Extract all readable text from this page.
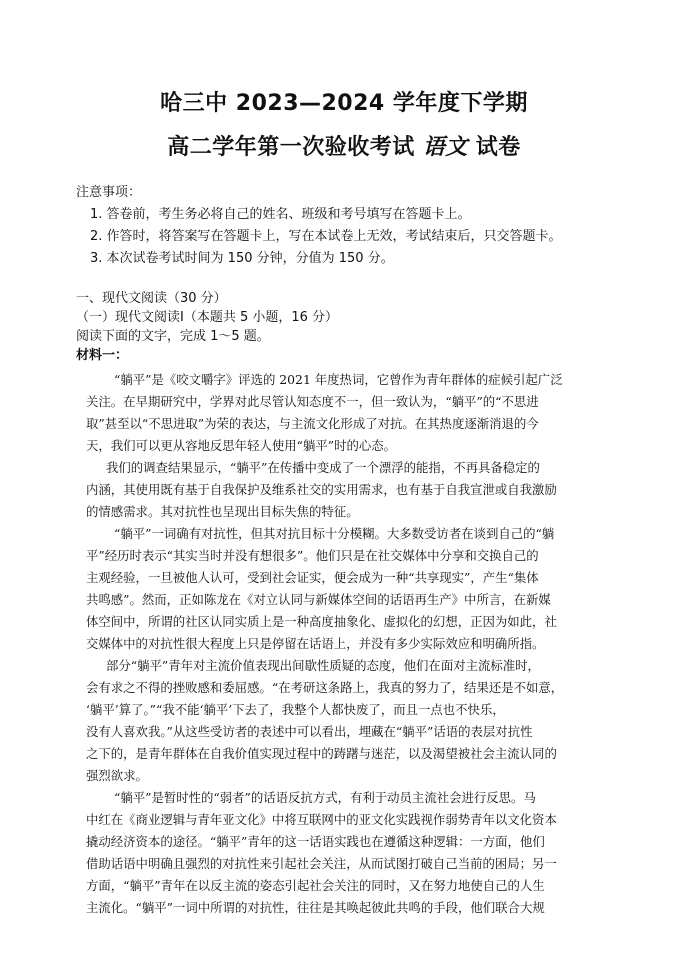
哈三中 2023—2024 学年度下学期
高二学年第一次验收考试 语文 试卷
注意事项：
1. 答卷前，考生务必将自己的姓名、班级和考号填写在答题卡上。
2. 作答时，将答案写在答题卡上，写在本试卷上无效，考试结束后，只交答题卡。
3. 本次试卷考试时间为 150 分钟，分值为 150 分。
一、现代文阅读（30 分）
（一）现代文阅读Ⅰ（本题共 5 小题，16 分）
阅读下面的文字，完成 1～5 题。
材料一：
“躺平”是《咬文嚼字》评选的 2021 年度热词，它曾作为青年群体的症候引起广泛
关注。在早期研究中，学界对此尽管认知态度不一，但一致认为，“躺平”的“不思进
取”甚至以“不思进取”为荣的表达，与主流文化形成了对抗。在其热度逐渐消退的今
天，我们可以更从容地反思年轻人使用“躺平”时的心态。
我们的调查结果显示，“躺平”在传播中变成了一个漂浮的能指，不再具备稳定的
内涵，其使用既有基于自我保护及维系社交的实用需求，也有基于自我宣泄或自我激励
的情感需求。其对抗性也呈现出目标失焦的特征。
“躺平”一词确有对抗性，但其对抗目标十分模糊。大多数受访者在谈到自己的“躺
平”经历时表示“其实当时并没有想很多”。他们只是在社交媒体中分享和交换自己的
主观经验，一旦被他人认可，受到社会证实，便会成为一种“共享现实”，产生“集体
共鸣感”。然而，正如陈龙在《对立认同与新媒体空间的话语再生产》中所言，在新媒
体空间中，所谓的社区认同实质上是一种高度抽象化、虚拟化的幻想，正因为如此，社
交媒体中的对抗性很大程度上只是停留在话语上，并没有多少实际效应和明确所指。
部分“躺平”青年对主流价值表现出间歇性质疑的态度，他们在面对主流标准时，
会有求之不得的挫败感和委屈感。“在考研这条路上，我真的努力了，结果还是不如意，
‘躺平’算了。”“我不能‘躺平’下去了，我整个人都快废了，而且一点也不快乐，
没有人喜欢我。”从这些受访者的表述中可以看出，埋藏在“躺平”话语的表层对抗性
之下的，是青年群体在自我价值实现过程中的踌躇与迷茫，以及渴望被社会主流认同的
强烈欲求。
“躺平”是暂时性的“弱者”的话语反抗方式，有利于动员主流社会进行反思。马
中红在《商业逻辑与青年亚文化》中将互联网中的亚文化实践视作弱势青年以文化资本
撬动经济资本的途径。“躺平”青年的这一话语实践也在遵循这种逻辑：一方面，他们
借助话语中明确且强烈的对抗性来引起社会关注，从而试图打破自己当前的困局；另一
方面，“躺平”青年在以反主流的姿态引起社会关注的同时，又在努力地使自己的人生
主流化。“躺平”一词中所谓的对抗性，往往是其唤起彼此共鸣的手段，他们联合大规
